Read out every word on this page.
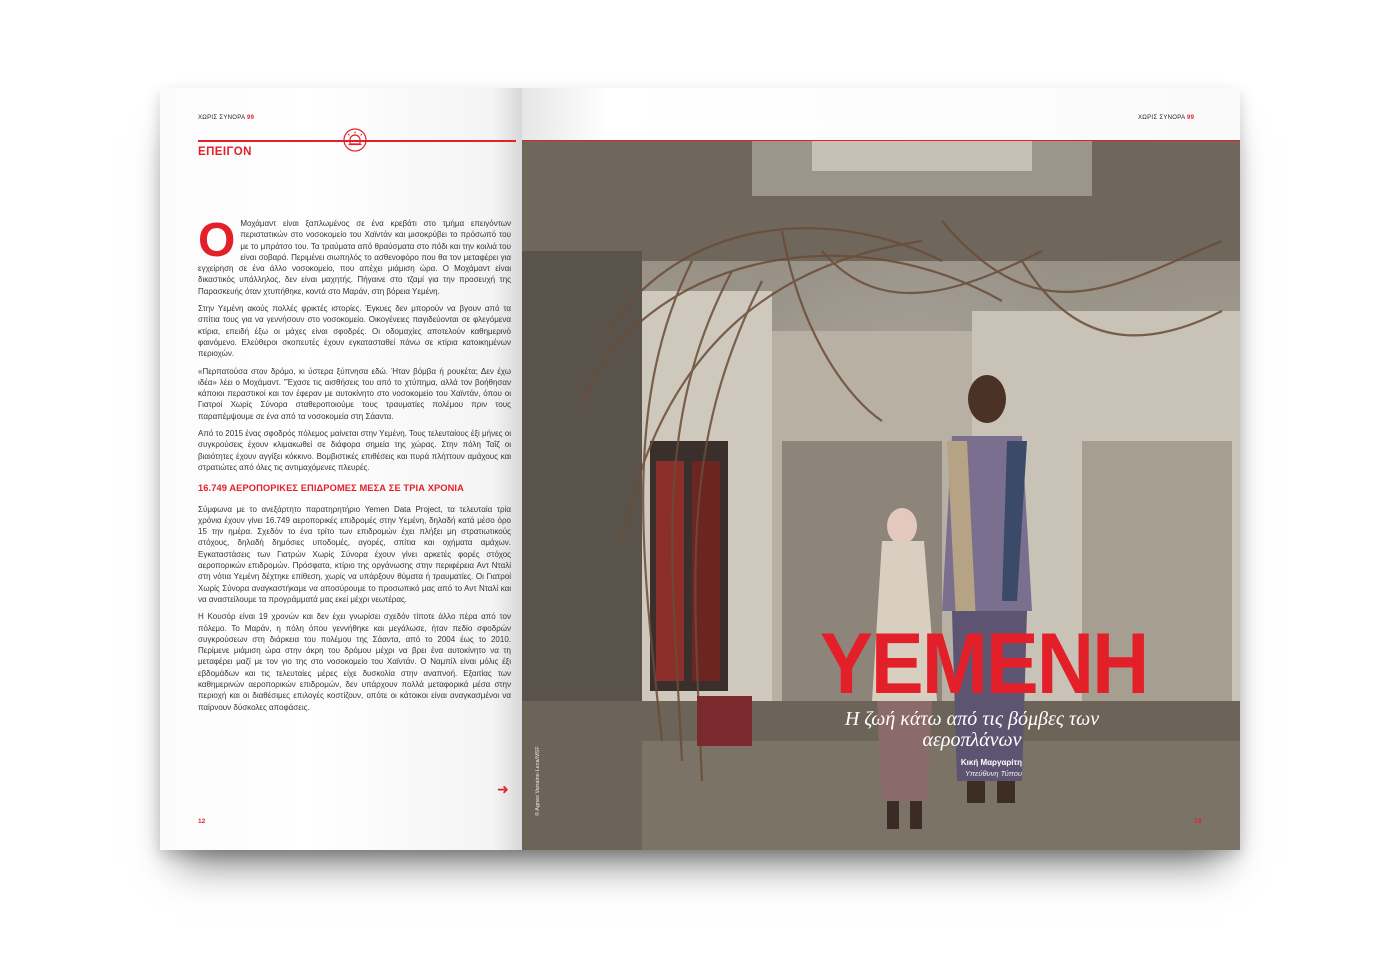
ΧΩΡΙΣ ΣΥΝΟΡΑ 99
ΕΠΕΙΓΟΝ
Ο Μοχάμαντ είναι ξαπλωμένος σε ένα κρεβάτι στο τμήμα επειγόντων περιστατικών στο νοσοκομείο του Χαϊντάν και μισοκρύβει το πρόσωπό του με το μπράτσο του. Τα τραύματα από θραύσματα στο πόδι και την κοιλιά του είναι σοβαρά. Περιμένει σιωπηλός το ασθενοφόρο που θα τον μεταφέρει για εγχείρηση σε ένα άλλο νοσοκομείο, που απέχει μιάμιση ώρα. Ο Μοχάμαντ είναι δικαστικός υπάλληλος, δεν είναι μαχητής. Πήγαινε στο τζαμί για την προσευχή της Παρασκευής όταν χτυπήθηκε, κοντά στο Μαράν, στη βόρεια Υεμένη.

Στην Υεμένη ακούς πολλές φρικτές ιστορίες. Έγκυες δεν μπορούν να βγουν από τα σπίτια τους για να γεννήσουν στο νοσοκομείο. Οικογένειες παγιδεύονται σε φλεγόμενα κτίρια, επειδή έξω οι μάχες είναι σφοδρές. Οι οδομαχίες αποτελούν καθημερινό φαινόμενο. Ελεύθεροι σκοπευτές έχουν εγκατασταθεί πάνω σε κτίρια κατοικημένων περιοχών.

«Περπατούσα στον δρόμο, κι ύστερα ξύπνησα εδώ. Ήταν βόμβα ή ρουκέτα; Δεν έχω ιδέα» λέει ο Μοχάμαντ. "Έχασε τις αισθήσεις του από το χτύπημα, αλλά τον βοήθησαν κάποιοι περαστικοί και τον έφεραν με αυτοκίνητο στο νοσοκομείο του Χαϊντάν, όπου οι Γιατροί Χωρίς Σύνορα σταθεροποιούμε τους τραυματίες πολέμου πριν τους παραπέμψουμε σε ένα από τα νοσοκομεία στη Σάαντα.

Από το 2015 ένας σφοδρός πόλεμος μαίνεται στην Υεμένη. Τους τελευταίους έξι μήνες οι συγκρούσεις έχουν κλιμακωθεί σε διάφορα σημεία της χώρας. Στην πόλη Ταΐζ οι βιαιότητες έχουν αγγίξει κόκκινο. Βομβιστικές επιθέσεις και πυρά πλήττουν αμάχους και στρατιώτες από όλες τις αντιμαχόμενες πλευρές.

16.749 ΑΕΡΟΠΟΡΙΚΕΣ ΕΠΙΔΡΟΜΕΣ ΜΕΣΑ ΣΕ ΤΡΙΑ ΧΡΟΝΙΑ

Σύμφωνα με το ανεξάρτητο παρατηρητήριο Yemen Data Project, τα τελευταία τρία χρόνια έχουν γίνει 16.749 αεροπορικές επιδρομές στην Υεμένη, δηλαδή κατά μέσο όρο 15 την ημέρα. Σχεδόν το ένα τρίτο των επιδρομών έχει πλήξει μη στρατιωτικούς στόχους, δηλαδή δημόσιες υποδομές, αγορές, σπίτια και οχήματα αμάχων. Εγκαταστάσεις των Γιατρών Χωρίς Σύνορα έχουν γίνει αρκετές φορές στόχος αεροπορικών επιδρομών. Πρόσφατα, κτίριο της οργάνωσης στην περιφέρεια Αντ Νταλί στη νότια Υεμένη δέχτηκε επίθεση, χωρίς να υπάρξουν θύματα ή τραυματίες. Οι Γιατροί Χωρίς Σύνορα αναγκαστήκαμε να αποσύρουμε το προσωπικό μας από το Αντ Νταλί και να αναστείλουμε τα προγράμματά μας εκεί μέχρι νεωτέρας.

Η Κουσόρ είναι 19 χρονών και δεν έχει γνωρίσει σχεδόν τίποτε άλλο πέρα από τον πόλεμο. Το Μαράν, η πόλη όπου γεννήθηκε και μεγάλωσε, ήταν πεδίο σφοδρών συγκρούσεων στη διάρκεια του πολέμου της Σάαντα, από το 2004 έως το 2010. Περίμενε μιάμιση ώρα στην άκρη του δρόμου μέχρι να βρει ένα αυτοκίνητο να τη μεταφέρει μαζί με τον γιο της στο νοσοκομείο του Χαϊντάν. Ο Ναμπίλ είναι μόλις έξι εβδομάδων και τις τελευταίες μέρες είχε δυσκολία στην αναπνοή. Εξαιτίας των καθημερινών αεροπορικών επιδρομών, δεν υπάρχουν πολλά μεταφορικά μέσα στην περιοχή και οι διαθέσιμες επιλογές κοστίζουν, οπότε οι κάτοικοι είναι αναγκασμένοι να παίρνουν δύσκολες αποφάσεις.

➜
12
ΧΩΡΙΣ ΣΥΝΟΡΑ 99
ΥΕΜΕΝΗ
Η ζωή κάτω από τις βόμβες των αεροπλάνων
Κική Μαργαρίτη
Υπεύθυνη Τύπου
© Agnes Varraine-Leca/MSF
13
